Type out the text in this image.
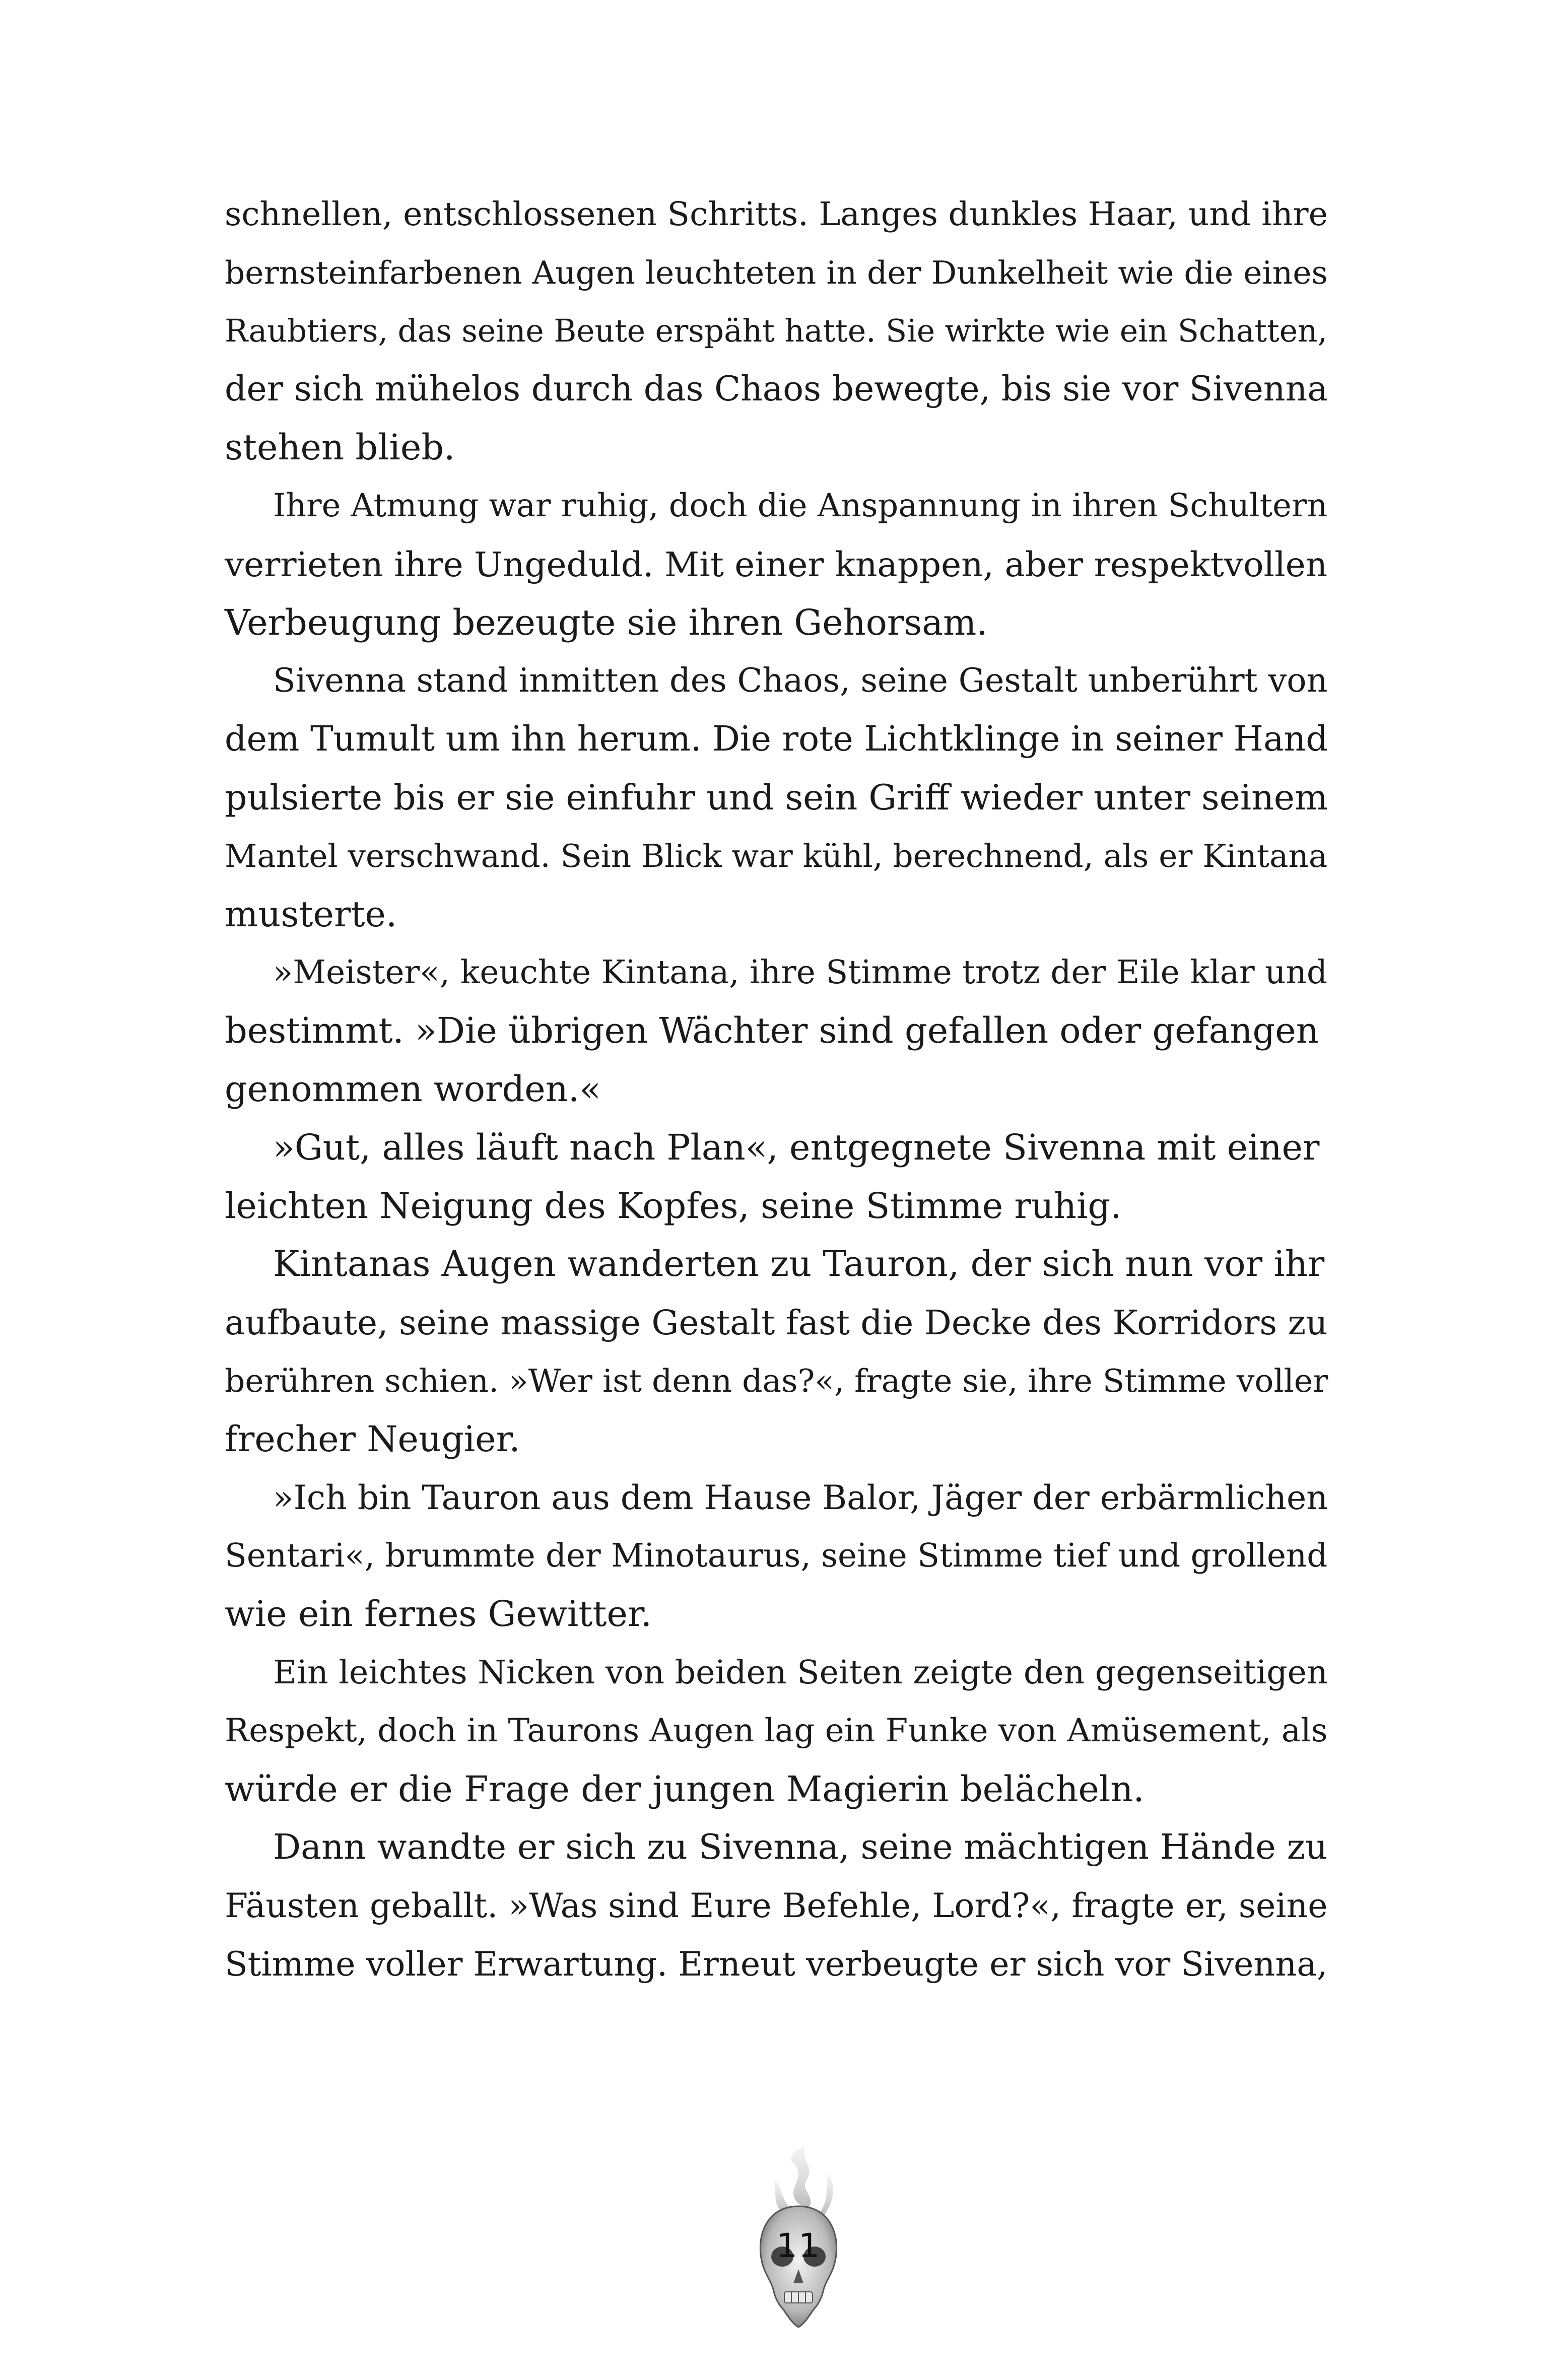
schnellen, entschlossenen Schritts. Langes dunkles Haar, und ihre
bernsteinfarbenen Augen leuchteten in der Dunkelheit wie die eines
Raubtiers, das seine Beute erspäht hatte. Sie wirkte wie ein Schatten,
der sich mühelos durch das Chaos bewegte, bis sie vor Sivenna
stehen blieb.
Ihre Atmung war ruhig, doch die Anspannung in ihren Schultern
verrieten ihre Ungeduld. Mit einer knappen, aber respektvollen
Verbeugung bezeugte sie ihren Gehorsam.
Sivenna stand inmitten des Chaos, seine Gestalt unberührt von
dem Tumult um ihn herum. Die rote Lichtklinge in seiner Hand
pulsierte bis er sie einfuhr und sein Griff wieder unter seinem
Mantel verschwand. Sein Blick war kühl, berechnend, als er Kintana
musterte.
»Meister«, keuchte Kintana, ihre Stimme trotz der Eile klar und
bestimmt. »Die übrigen Wächter sind gefallen oder gefangen
genommen worden.«
»Gut, alles läuft nach Plan«, entgegnete Sivenna mit einer
leichten Neigung des Kopfes, seine Stimme ruhig.
Kintanas Augen wanderten zu Tauron, der sich nun vor ihr
aufbaute, seine massige Gestalt fast die Decke des Korridors zu
berühren schien. »Wer ist denn das?«, fragte sie, ihre Stimme voller
frecher Neugier.
»Ich bin Tauron aus dem Hause Balor, Jäger der erbärmlichen
Sentari«, brummte der Minotaurus, seine Stimme tief und grollend
wie ein fernes Gewitter.
Ein leichtes Nicken von beiden Seiten zeigte den gegenseitigen
Respekt, doch in Taurons Augen lag ein Funke von Amüsement, als
würde er die Frage der jungen Magierin belächeln.
Dann wandte er sich zu Sivenna, seine mächtigen Hände zu
Fäusten geballt. »Was sind Eure Befehle, Lord?«, fragte er, seine
Stimme voller Erwartung. Erneut verbeugte er sich vor Sivenna,
11
